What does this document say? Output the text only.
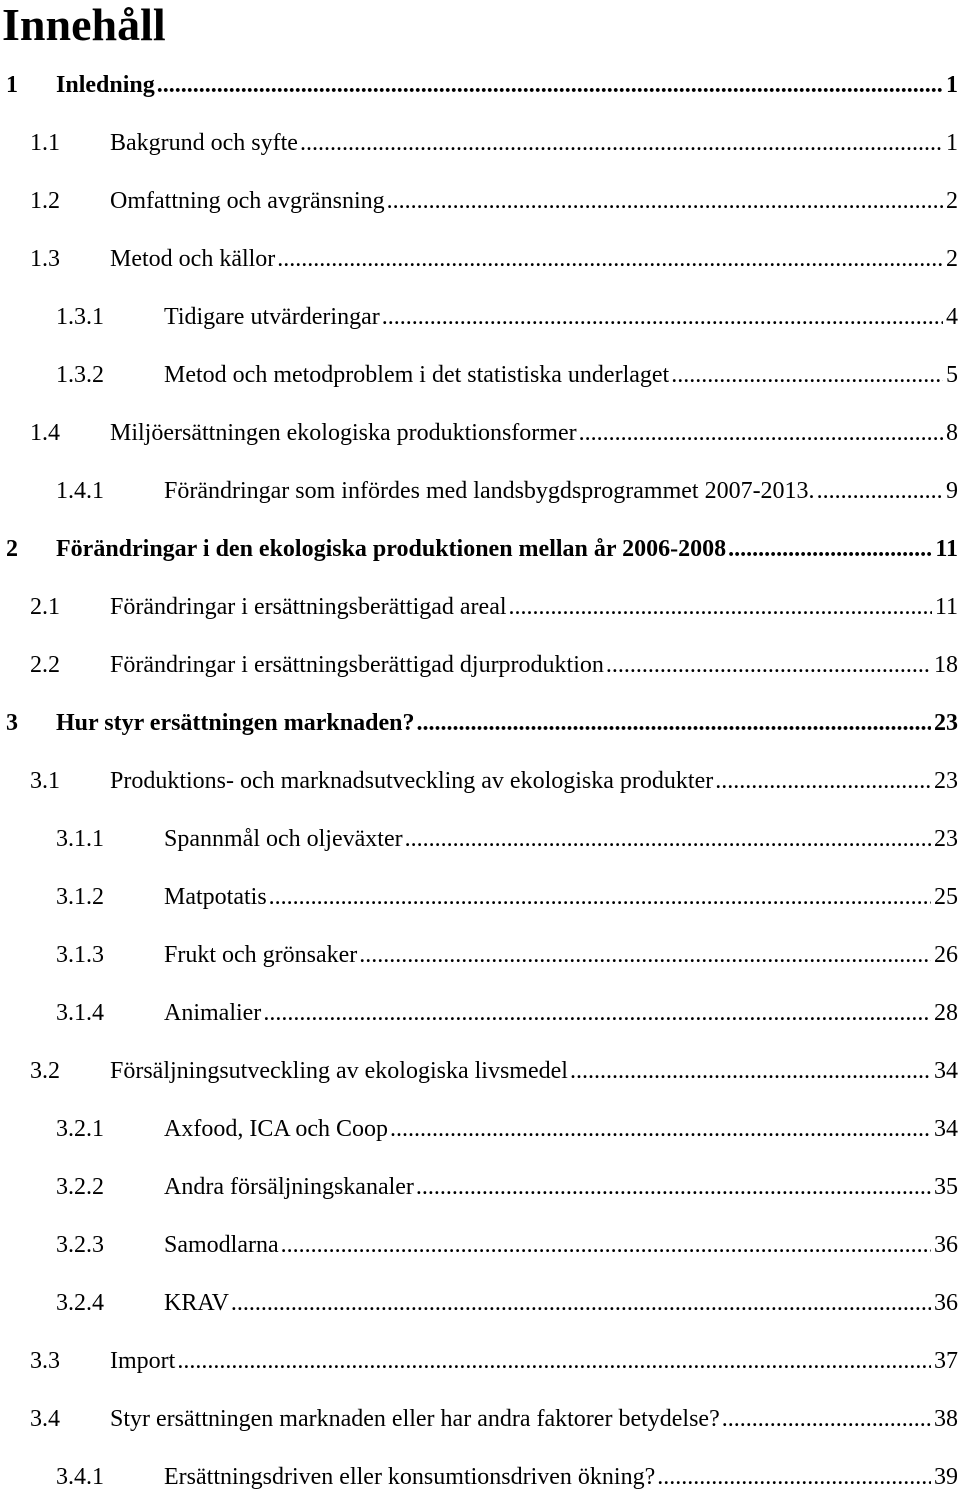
Innehåll
1 Inledning .....	1
1.1 Bakgrund och syfte .....	1
1.2 Omfattning och avgränsning .....	2
1.3 Metod och källor .....	2
1.3.1	Tidigare utvärderingar .....	4
1.3.2	Metod och metodproblem i det statistiska underlaget .....	5
1.4 Miljöersättningen ekologiska produktionsformer .....	8
1.4.1	Förändringar som infördes med landsbygdsprogrammet 2007-2013. .....	9
2 Förändringar i den ekologiska produktionen mellan år 2006-2008 .....	11
2.1 Förändringar i ersättningsberättigad areal .....	11
2.2 Förändringar i ersättningsberättigad djurproduktion .....	18
3 Hur styr ersättningen marknaden? .....	23
3.1 Produktions- och marknadsutveckling av ekologiska produkter .....	23
3.1.1	Spannmål och oljeväxter .....	23
3.1.2	Matpotatis .....	25
3.1.3	Frukt och grönsaker .....	26
3.1.4	Animalier .....	28
3.2 Försäljningsutveckling av ekologiska livsmedel .....	34
3.2.1	Axfood, ICA och Coop .....	34
3.2.2	Andra försäljningskanaler .....	35
3.2.3	Samodlarna .....	36
3.2.4	KRAV .....	36
3.3 Import .....	37
3.4 Styr ersättningen marknaden eller har andra faktorer betydelse? .....	38
3.4.1	Ersättningsdriven eller konsumtionsdriven ökning? .....	39
